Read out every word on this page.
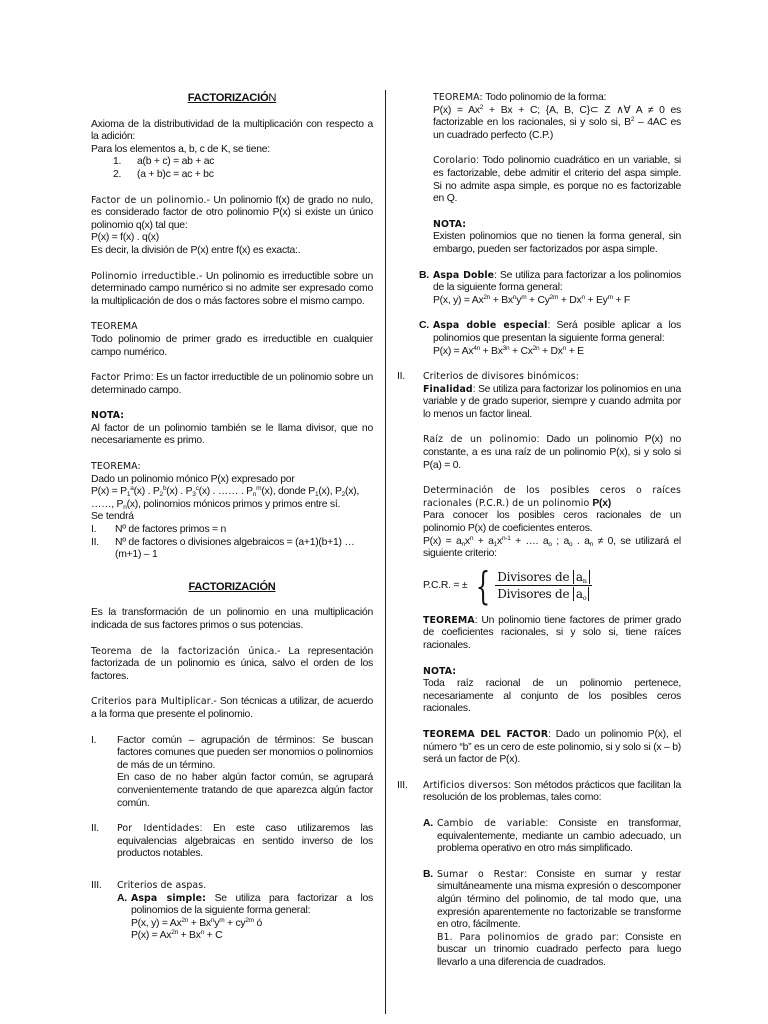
FACTORIZACIÓN
Axioma de la distributividad de la multiplicación con respecto a la adición:
Para los elementos a, b, c de K, se tiene:
1.	a(b + c) = ab + ac
2.	(a + b)c = ac + bc

Factor de un polinomio.- Un polinomio f(x) de grado no nulo, es considerado factor de otro polinomio P(x) si existe un único polinomio q(x) tal que:
P(x) = f(x) . q(x)
Es decir, la división de P(x) entre f(x) es exacta:.

Polinomio irreductible.- Un polinomio es irreductible sobre un determinado campo numérico si no admite ser expresado como la multiplicación de dos o más factores sobre el mismo campo.

TEOREMA
Todo polinomio de primer grado es irreductible en cualquier campo numérico.

Factor Primo: Es un factor irreductible de un polinomio sobre un determinado campo.

NOTA:
Al factor de un polinomio también se le llama divisor, que no necesariamente es primo.

TEOREMA:
Dado un polinomio mónico P(x) expresado por
$P(x) = P_1^a(x)$ . $P_2^b(x)$ . $P_3^c(x)$ . …… . $P_n^m(x)$, donde $P_1(x)$, $P_2(x)$, ……, $P_n(x)$, polinomios mónicos primos y primos entre sí.
Se tendrá
I.	Nº de factores primos = n
II.	Nº de factores o divisiones algebraicos = (a+1)(b+1) …(m+1) – 1
FACTORIZACIÓN

Es la transformación de un polinomio en una multiplicación indicada de sus factores primos o sus potencias.

Teorema de la factorización única.- La representación factorizada de un polinomio es única, salvo el orden de los factores.

Criterios para Multiplicar.- Son técnicas a utilizar, de acuerdo a la forma que presente el polinomio.

I.	Factor común – agrupación de términos: Se buscan factores comunes que pueden ser monomios o polinomios de más de un término.
En caso de no haber algún factor común, se agrupará convenientemente tratando de que aparezca algún factor común.
II.	Por Identidades: En este caso utilizaremos las equivalencias algebraicas en sentido inverso de los productos notables.
III.	Criterios de aspas.
A. Aspa simple: Se utiliza para factorizar a los polinomios de la siguiente forma general:
P(x, $y) = Ax^{2n} + Bx^ny^m + cy^{2m}$ ó
$P(x) = Ax^{2n} + Bx^n + C$
TEOREMA: Todo polinomio de la forma:
$P(x) = Ax^2 + Bx + C$; {A, B, C}⊂ Z ∧∀ A ≠ 0 es factorizable en los racionales, si y solo si, $B^2 - 4AC$ es un cuadrado perfecto (C.P.)

Corolario: Todo polinomio cuadrático en un variable, si es factorizable, debe admitir el criterio del aspa simple. Si no admite aspa simple, es porque no es factorizable en Q.

NOTA:
Existen polinomios que no tienen la forma general, sin embargo, pueden ser factorizados por aspa simple.

B. Aspa Doble: Se utiliza para factorizar a los polinomios de la siguiente forma general:
P(x, $y) = Ax^{2n} + Bx^ny^m + Cy^{2m} + Dx^n + Ey^m + F$
C. Aspa doble especial: Será posible aplicar a los polinomios que presentan la siguiente forma general:
$P(x) = Ax^{4n} + Bx^{3n} + Cx^{2n} + Dx^n + E$
II.	Criterios de divisores binómicos:
Finalidad: Se utiliza para factorizar los polinomios en una variable y de grado superior, siempre y cuando admita por lo menos un factor lineal.
Raíz de un polinomio: Dado un polinomio P(x) no constante, a es una raíz de un polinomio P(x), si y solo si P(a) = 0.
Determinación de los posibles ceros o raíces racionales (P.C.R.) de un polinomio P(x)
Para conocer los posibles ceros racionales de un polinomio P(x) de coeficientes enteros.
$P(x) = a_nx^n + a_1x^{n-1}$ + …. $a_o$ ; $a_o$ . $a_n \ne 0$, se utilizará el siguiente criterio:
P.C.R. = ± { $\frac{Divisores de a_n}{Divisores de a_o}$
TEOREMA: Un polinomio tiene factores de primer grado de coeficientes racionales, si y solo si, tiene raíces racionales.
NOTA:
Toda raíz racional de un polinomio pertenece, necesariamente al conjunto de los posibles ceros racionales.
TEOREMA DEL FACTOR: Dado un polinomio P(x), el número “b” es un cero de este polinomio, si y solo si (x – b) será un factor de P(x).
III.	Artificios diversos: Son métodos prácticos que facilitan la resolución de los problemas, tales como:
A. Cambio de variable: Consiste en transformar, equivalentemente, mediante un cambio adecuado, un problema operativo en otro más simplificado.
B. Sumar o Restar: Consiste en sumar y restar simultáneamente una misma expresión o descomponer algún término del polinomio, de tal modo que, una expresión aparentemente no factorizable se transforme en otro, fácilmente.
B1. Para polinomios de grado par: Consiste en buscar un trinomio cuadrado perfecto para luego llevarlo a una diferencia de cuadrados.
